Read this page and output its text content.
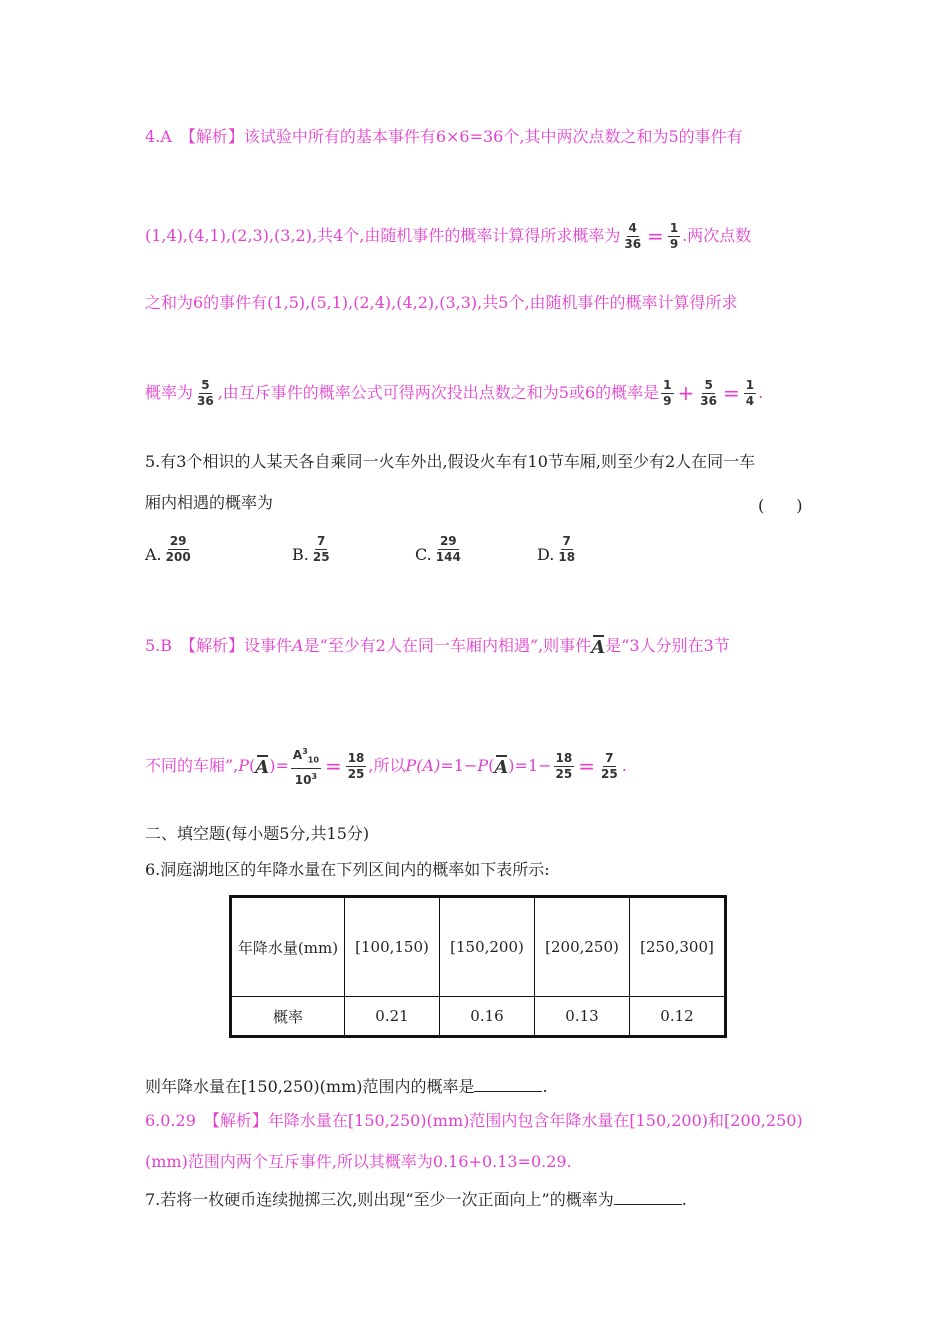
4.A　【解析】该试验中所有的基本事件有6×6=36个,其中两次点数之和为5的事件有
(1,4),(4,1),(2,3),(3,2),共4个,由随机事件的概率计算得所求概率为 $\frac{4}{36} = \frac{1}{9}$ .两次点数
之和为6的事件有(1,5),(5,1),(2,4),(4,2),(3,3),共5个,由随机事件的概率计算得所求
概率为 $\frac{5}{36}$ ,由互斥事件的概率公式可得两次投出点数之和为5或6的概率是 $\frac{1}{9} + \frac{5}{36} = \frac{1}{4}$ .
5.有3个相识的人某天各自乘同一火车外出,假设火车有10节车厢,则至少有2人在同一车
厢内相遇的概率为	(　　)
A. $\frac{29}{200}$	B. $\frac{7}{25}$	C. $\frac{29}{144}$	D. $\frac{7}{18}$
5.B　【解析】设事件 A 是“至少有2人在同一车厢内相遇”,则事件 A 是“3人分别在3节
不同的车厢”, P ( A )= $\frac{A^3_{10}}{10^3} = \frac{18}{25}$ ,所以 P(A) =1− P ( A )$=1- \frac{18}{25} = \frac{7}{25}$ .
二、填空题(每小题5分,共15分)
6.洞庭湖地区的年降水量在下列区间内的概率如下表所示:
年降水量(mm)	[100,150)	[150,200)	[200,250)	[250,300]
概率	0.21	0.16	0.13	0.12
则年降水量在[150,250)(mm)范围内的概率是	.
6.0.29　【解析】年降水量在[150,250)(mm)范围内包含年降水量在[150,200)和[200,250)
(mm)范围内两个互斥事件,所以其概率为0.16+0.13=0.29.
7.若将一枚硬币连续抛掷三次,则出现“至少一次正面向上”的概率为	.
